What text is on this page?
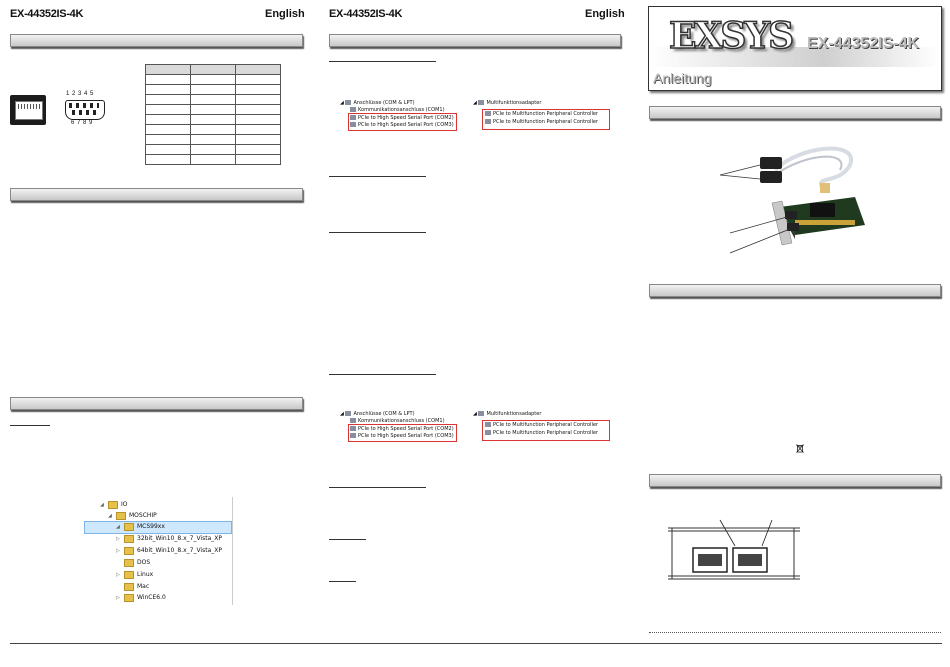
EX-44352IS-4K	English
1 2 3 4 5
6 7 8 9

◢	IO
◢	MOSCHIP
◢	MCS99xx
▷	32bit_Win10_8.x_7_Vista_XP
▷	64bit_Win10_8.x_7_Vista_XP
DOS
▷	Linux
Mac
▷	WinCE6.0
EX-44352IS-4K	English
◢ Anschlüsse (COM & LPT)
Kommunikationsanschluss (COM1)
PCIe to High Speed Serial Port (COM2)
PCIe to High Speed Serial Port (COM3)
◢ Multifunktionsadapter
PCIe to Multifunction Peripheral Controller
PCIe to Multifunction Peripheral Controller
◢ Anschlüsse (COM & LPT)
Kommunikationsanschluss (COM1)
PCIe to High Speed Serial Port (COM2)
PCIe to High Speed Serial Port (COM3)
◢ Multifunktionsadapter
PCIe to Multifunction Peripheral Controller
PCIe to Multifunction Peripheral Controller
EXSYS EX-44352IS-4K
Anleitung
